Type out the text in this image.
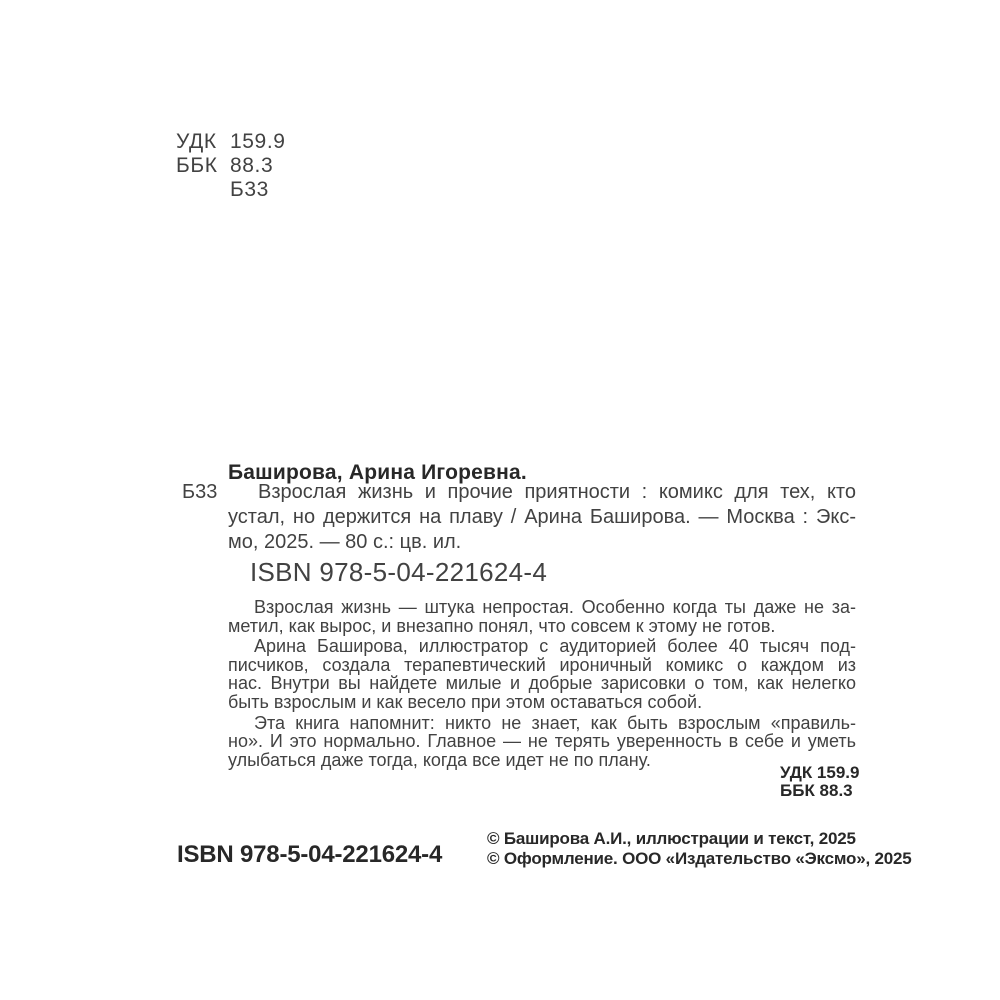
УДК 159.9
ББК 88.3
Б33
Баширова, Арина Игоревна.
Б33	Взрослая жизнь и прочие приятности : комикс для тех, кто
устал, но держится на плаву / Арина Баширова. — Москва : Экс-
мо, 2025. — 80 с.: цв. ил.
ISBN 978-5-04-221624-4
Взрослая жизнь — штука непростая. Особенно когда ты даже не за-
метил, как вырос, и внезапно понял, что совсем к этому не готов.
Арина Баширова, иллюстратор с аудиторией более 40 тысяч под-
писчиков, создала терапевтический ироничный комикс о каждом из
нас. Внутри вы найдете милые и добрые зарисовки о том, как нелегко
быть взрослым и как весело при этом оставаться собой.
Эта книга напомнит: никто не знает, как быть взрослым «правиль-
но». И это нормально. Главное — не терять уверенность в себе и уметь
улыбаться даже тогда, когда все идет не по плану.
УДК 159.9
ББК 88.3
ISBN 978-5-04-221624-4
© Баширова А.И., иллюстрации и текст, 2025
© Оформление. ООО «Издательство «Эксмо», 2025
